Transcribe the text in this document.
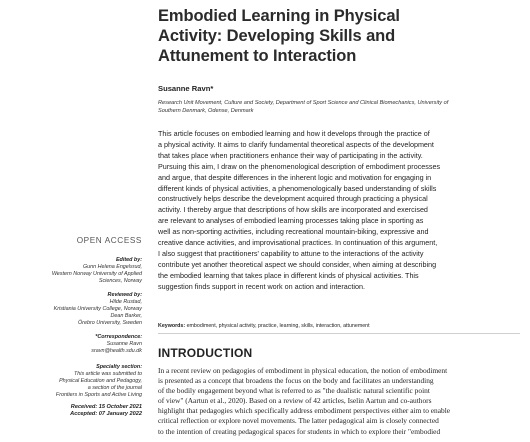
Embodied Learning in Physical
Activity: Developing Skills and
Attunement to Interaction
Susanne Ravn*
Research Unit Movement, Culture and Society, Department of Sport Science and Clinical Biomechanics, University of
Southern Denmark, Odense, Denmark
This article focuses on embodied learning and how it develops through the practice of
a physical activity. It aims to clarify fundamental theoretical aspects of the development
that takes place when practitioners enhance their way of participating in the activity.
Pursuing this aim, I draw on the phenomenological description of embodiment processes
and argue, that despite differences in the inherent logic and motivation for engaging in
different kinds of physical activities, a phenomenologically based understanding of skills
constructively helps describe the development acquired through practicing a physical
activity. I thereby argue that descriptions of how skills are incorporated and exercised
are relevant to analyses of embodied learning processes taking place in sporting as
well as non-sporting activities, including recreational mountain-biking, expressive and
creative dance activities, and improvisational practices. In continuation of this argument,
I also suggest that practitioners' capability to attune to the interactions of the activity
contribute yet another theoretical aspect we should consider, when aiming at describing
the embodied learning that takes place in different kinds of physical activities. This
suggestion finds support in recent work on action and interaction.
Keywords: embodiment, physical activity, practice, learning, skills, interaction, attunement
INTRODUCTION
In a recent review on pedagogies of embodiment in physical education, the notion of embodiment
is presented as a concept that broadens the focus on the body and facilitates an understanding
of the bodily engagement beyond what is referred to as "the dualistic natural scientific point
of view" (Aartun et al., 2020). Based on a review of 42 articles, Iselin Aartun and co-authors
highlight that pedagogies which specifically address embodiment perspectives either aim to enable
critical reflection or explore novel movements. The latter pedagogical aim is closely connected
to the intention of creating pedagogical spaces for students in which to explore their "embodied
OPEN ACCESS
Edited by:
Gunn Helena Engelsrud,
Western Norway University of Applied
Sciences, Norway
Reviewed by:
Hilde Rustad,
Kristiania University College, Norway
Dean Barker,
Örebro University, Sweden
*Correspondence:
Susanne Ravn
sravn@health.sdu.dk
Specialty section:
This article was submitted to
Physical Education and Pedagogy,
a section of the journal
Frontiers in Sports and Active Living
Received: 15 October 2021
Accepted: 07 January 2022
